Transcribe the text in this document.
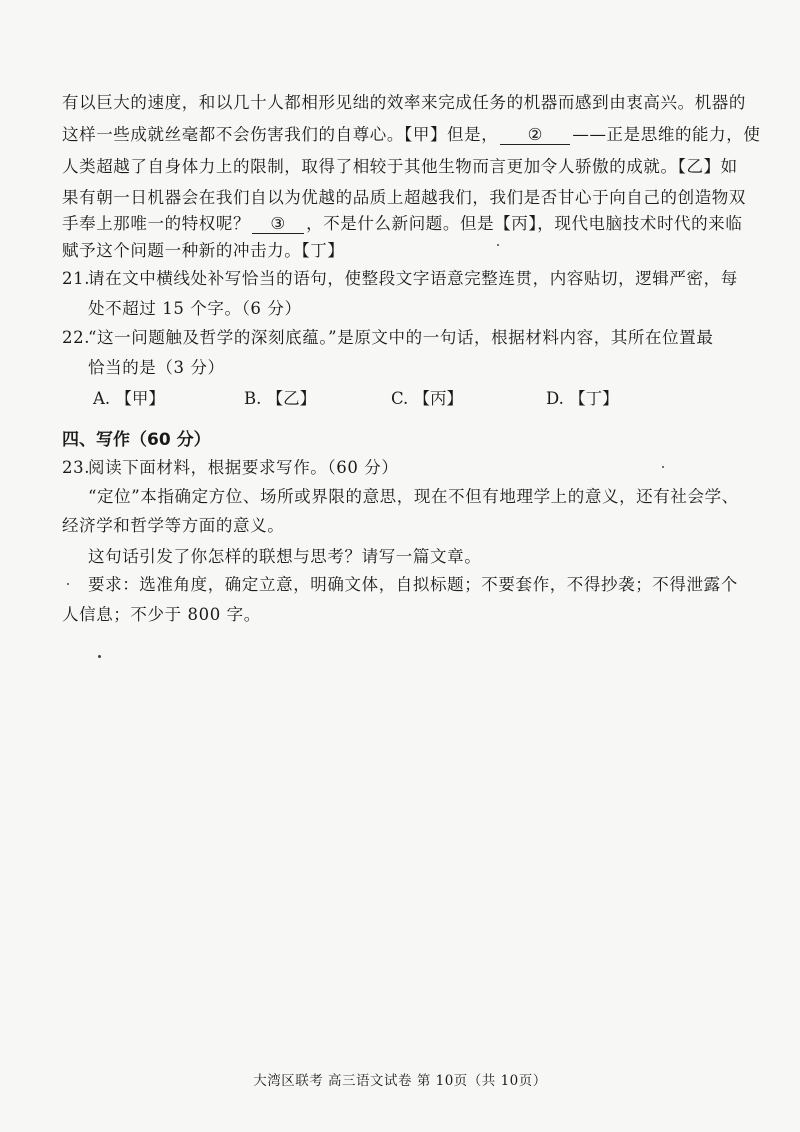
有以巨大的速度，和以几十人都相形见绌的效率来完成任务的机器而感到由衷高兴。机器的
这样一些成就丝毫都不会伤害我们的自尊心。【甲】但是， ② ——正是思维的能力，使
人类超越了自身体力上的限制，取得了相较于其他生物而言更加令人骄傲的成就。【乙】如
果有朝一日机器会在我们自以为优越的品质上超越我们，我们是否甘心于向自己的创造物双
手奉上那唯一的特权呢？ ③ ，不是什么新问题。但是【丙】，现代电脑技术时代的来临
赋予这个问题一种新的冲击力。【丁】
21.请在文中横线处补写恰当的语句，使整段文字语意完整连贯，内容贴切，逻辑严密，每
处不超过 15 个字。（6 分）
22.“这一问题触及哲学的深刻底蕴。”是原文中的一句话，根据材料内容，其所在位置最
恰当的是（3 分）
A. 【甲】	B. 【乙】	C. 【丙】	D. 【丁】
四、写作（60 分）
23.阅读下面材料，根据要求写作。（60 分）
“定位”本指确定方位、场所或界限的意思，现在不但有地理学上的意义，还有社会学、
经济学和哲学等方面的意义。
这句话引发了你怎样的联想与思考？请写一篇文章。
要求：选准角度，确定立意，明确文体，自拟标题；不要套作，不得抄袭；不得泄露个
人信息；不少于 800 字。
大湾区联考 高三语文试卷 第 10页（共 10页）
